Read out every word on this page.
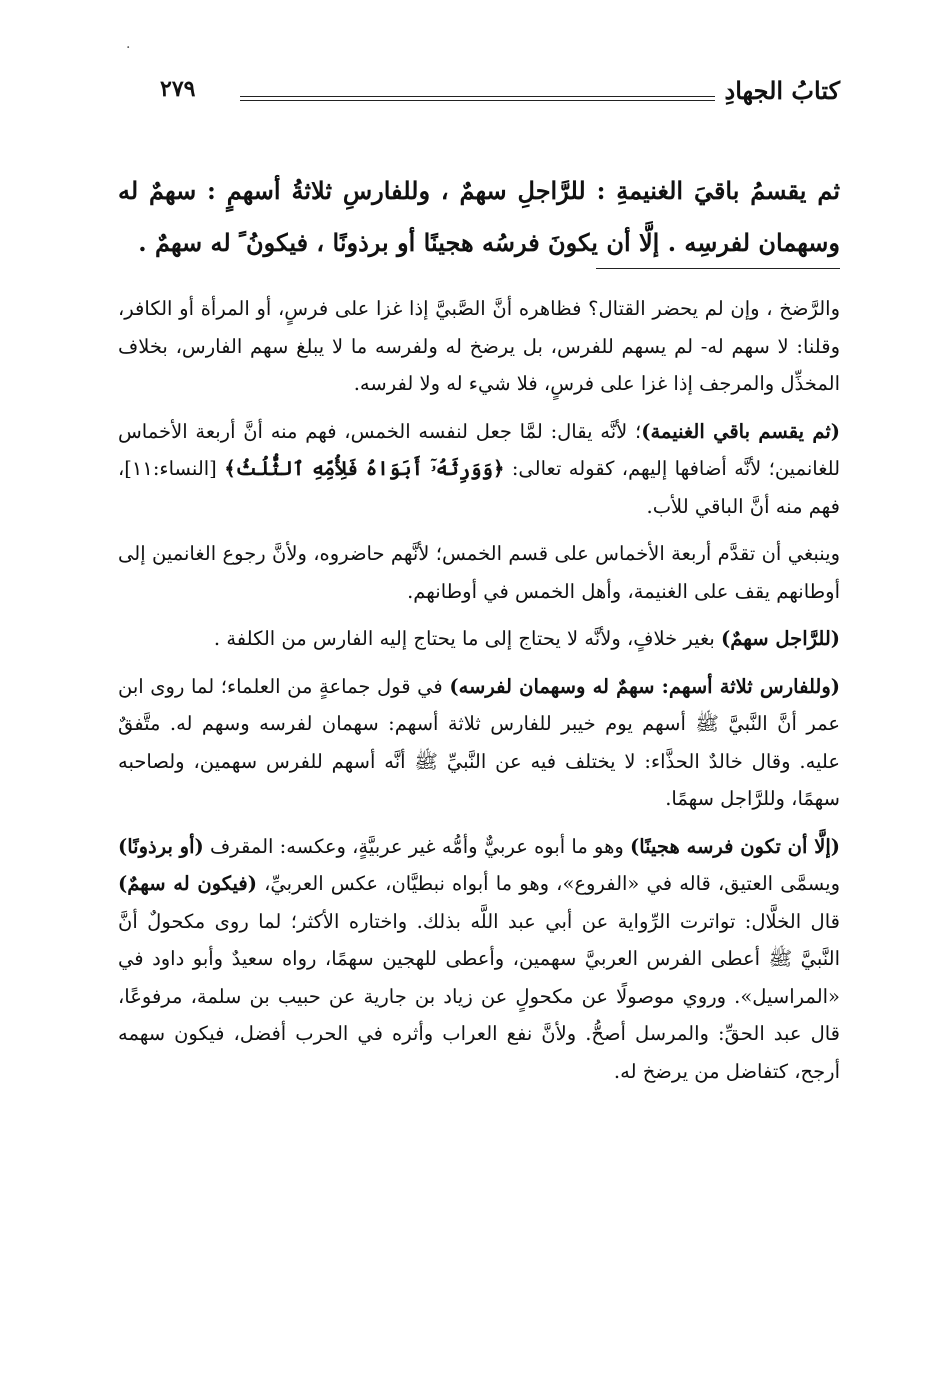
·
٢٧٩	كتابُ الجهادِ
ثم يقسمُ باقيَ الغنيمةِ : للرَّاجلِ سهمٌ ، وللفارسِ ثلاثةُ أسهمٍ : سهمٌ له وسهمان لفرسِه . إلَّا أن يكونَ فرسُه هجينًا أو برذونًا ، فيكونُ ً له سهمٌ .

والرَّضخ ، وإن لم يحضر القتال؟ فظاهره أنَّ الصَّبيَّ إذا غزا على فرسٍ، أو المرأة أو الكافر، وقلنا: لا سهم له- لم يسهم للفرس، بل يرضخ له ولفرسه ما لا يبلغ سهم الفارس، بخلاف المخذِّل والمرجف إذا غزا على فرسٍ، فلا شيء له ولا لفرسه.

(ثم يقسم باقي الغنيمة)؛ لأنَّه يقال: لمَّا جعل لنفسه الخمس، فهم منه أنَّ أربعة الأخماس للغانمين؛ لأنَّه أضافها إليهم، كقوله تعالى: ﴿وَوَرِثَهُۥٓ أَبَوَاهُ فَلِأُمِّهِ ٱلثُّلُثُ﴾ [النساء:١١]، فهم منه أنَّ الباقي للأب.

وينبغي أن تقدَّم أربعة الأخماس على قسم الخمس؛ لأنَّهم حاضروه، ولأنَّ رجوع الغانمين إلى أوطانهم يقف على الغنيمة، وأهل الخمس في أوطانهم.

(للرَّاجل سهمٌ) بغير خلافٍ، ولأنَّه لا يحتاج إلى ما يحتاج إليه الفارس من الكلفة .

(وللفارس ثلاثة أسهم: سهمٌ له وسهمان لفرسه) في قول جماعةٍ من العلماء؛ لما روى ابن عمر أنَّ النَّبيَّ ﷺ أسهم يوم خيبر للفارس ثلاثة أسهم: سهمان لفرسه وسهم له. متَّفقٌ عليه. وقال خالدٌ الحذَّاء: لا يختلف فيه عن النَّبيِّ ﷺ أنَّه أسهم للفرس سهمين، ولصاحبه سهمًا، وللرَّاجل سهمًا.

(إلَّا أن تكون فرسه هجينًا) وهو ما أبوه عربيٌّ وأمُّه غير عربيَّةٍ، وعكسه: المقرف (أو برذونًا) ويسمَّى العتيق، قاله في «الفروع»، وهو ما أبواه نبطيَّان، عكس العربيِّ، (فيكون له سهمٌ) قال الخلَّال: تواترت الرِّواية عن أبي عبد اللَّه بذلك. واختاره الأكثر؛ لما روى مكحولٌ أنَّ النَّبيَّ ﷺ أعطى الفرس العربيَّ سهمين، وأعطى للهجين سهمًا، رواه سعيدٌ وأبو داود في «المراسيل». وروي موصولًا عن مكحولٍ عن زياد بن جارية عن حبيب بن سلمة، مرفوعًا، قال عبد الحقِّ: والمرسل أصحُّ. ولأنَّ نفع العراب وأثره في الحرب أفضل، فيكون سهمه أرجح، كتفاضل من يرضخ له.
